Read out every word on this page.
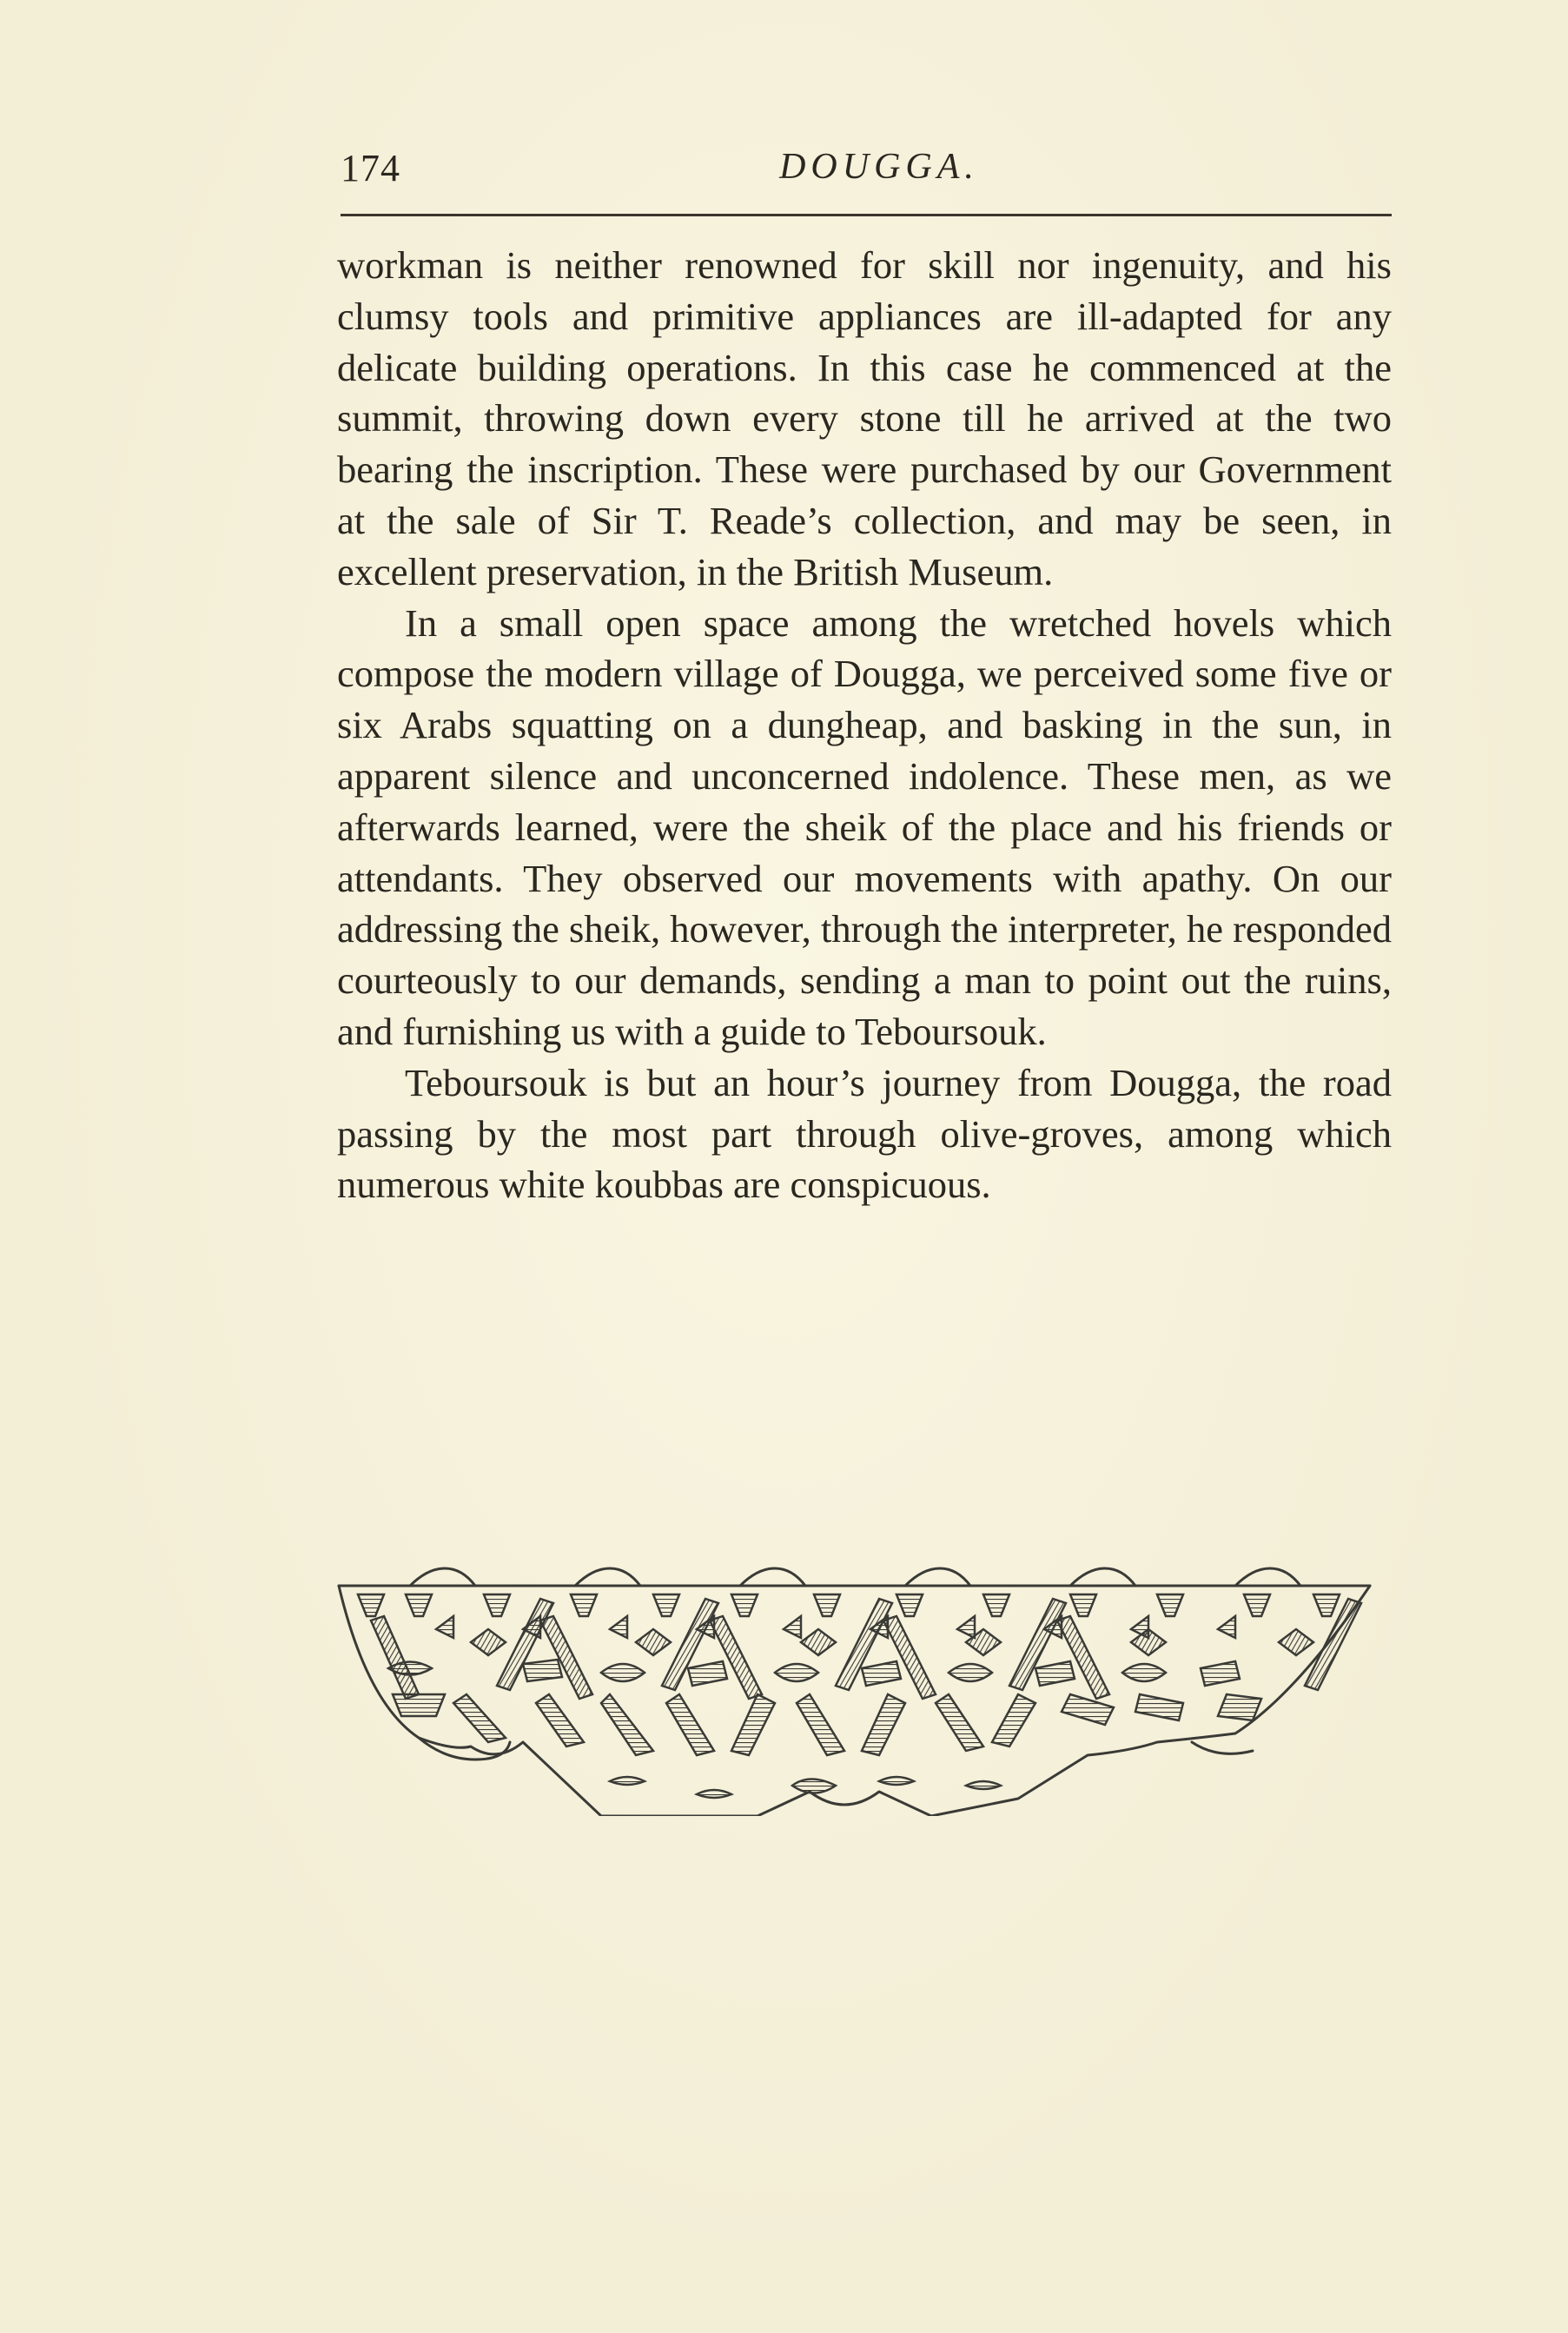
174	DOUGGA.

workman is neither renowned for skill nor ingenuity, and his clumsy tools and primitive appliances are ill-adapted for any delicate building operations. In this case he commenced at the summit, throwing down every stone till he arrived at the two bearing the inscription. These were purchased by our Government at the sale of Sir T. Reade’s collection, and may be seen, in excellent preservation, in the British Museum.

In a small open space among the wretched hovels which compose the modern village of Dougga, we perceived some five or six Arabs squatting on a dungheap, and basking in the sun, in apparent silence and unconcerned indolence. These men, as we afterwards learned, were the sheik of the place and his friends or attendants. They observed our movements with apathy. On our addressing the sheik, however, through the interpreter, he responded courteously to our demands, sending a man to point out the ruins, and furnishing us with a guide to Teboursouk.

Teboursouk is but an hour’s journey from Dougga, the road passing by the most part through olive-groves, among which numerous white koubbas are conspicuous.
